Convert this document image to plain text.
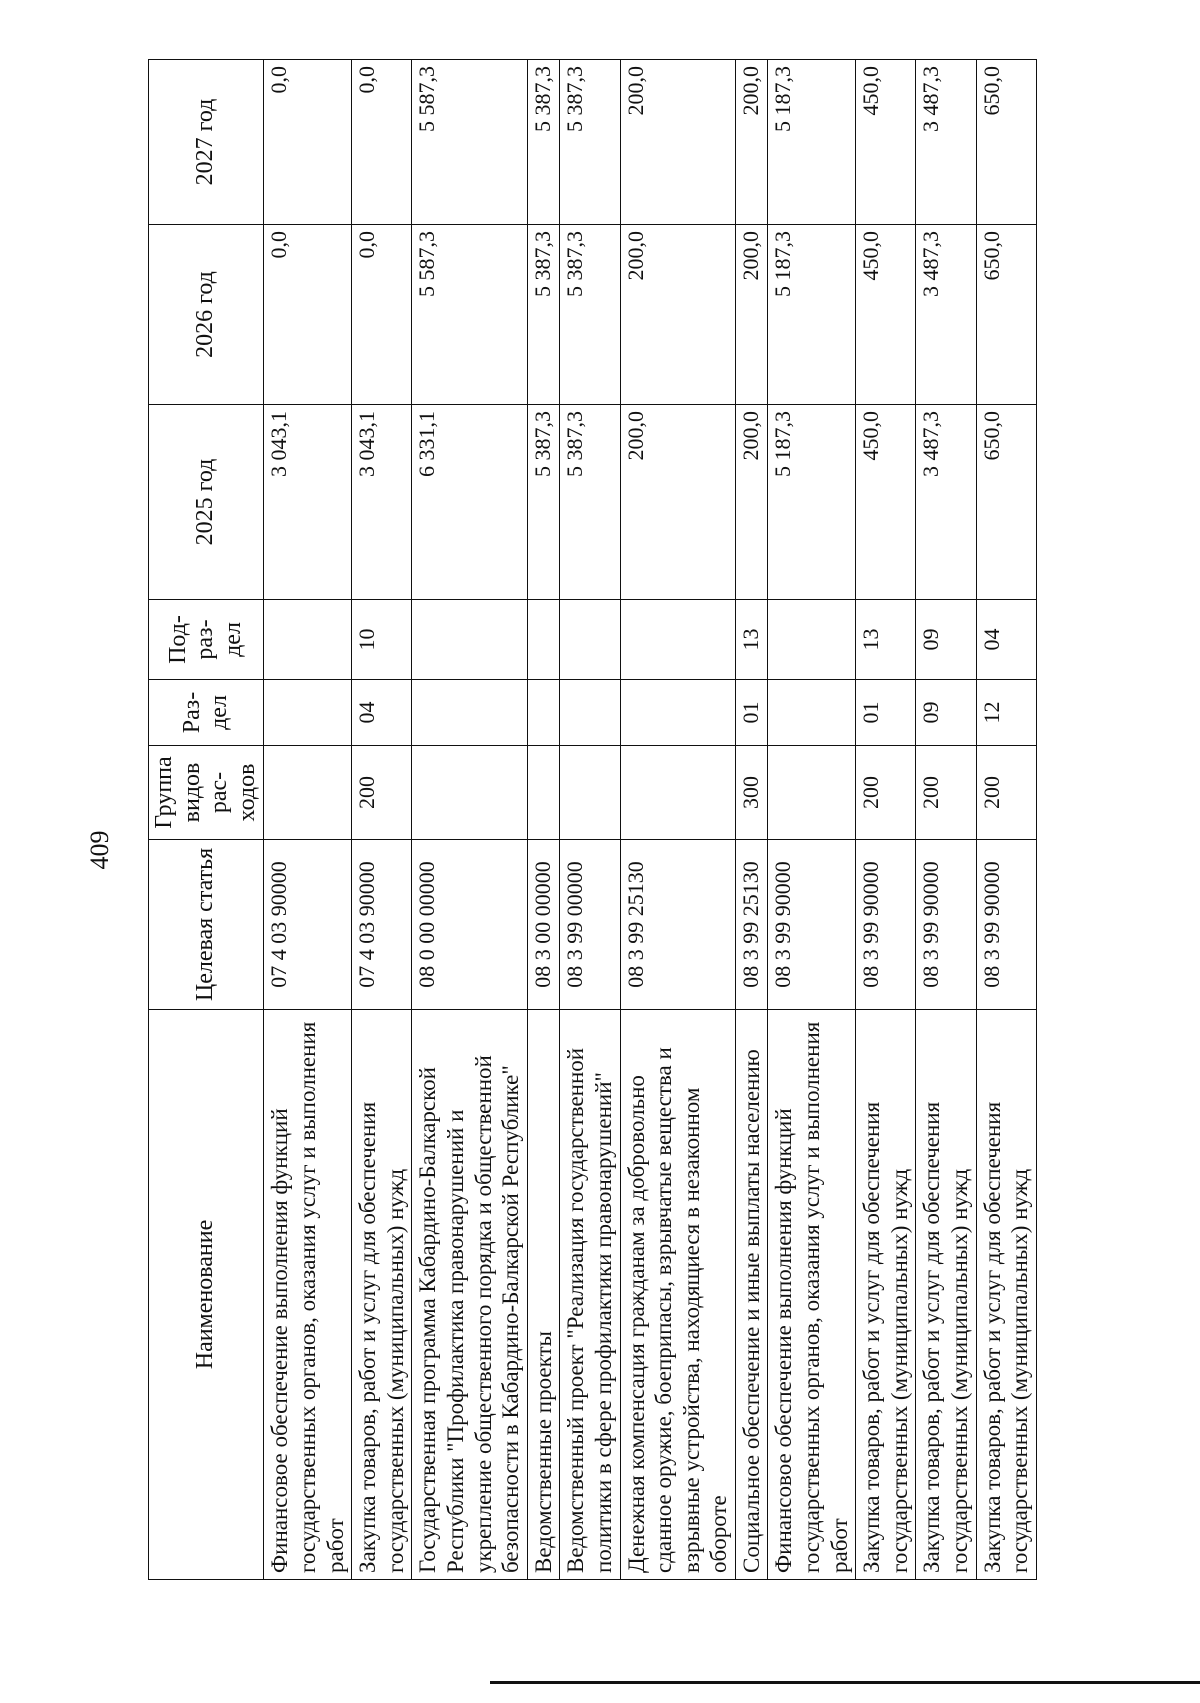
409
Наименование	Целевая статья	Группа видов рас-ходов	Раз-дел	Под-раз-дел	2025 год	2026 год	2027 год
Финансовое обеспечение выполнения функций государственных органов, оказания услуг и выполнения работ	07 4 03 90000				3 043,1	0,0	0,0
Закупка товаров, работ и услуг для обеспечения государственных (муниципальных) нужд	07 4 03 90000	200	04	10	3 043,1	0,0	0,0
Государственная программа Кабардино-Балкарской Республики "Профилактика правонарушений и укрепление общественного порядка и общественной безопасности в Кабардино-Балкарской Республике"	08 0 00 00000				6 331,1	5 587,3	5 587,3
Ведомственные проекты	08 3 00 00000				5 387,3	5 387,3	5 387,3
Ведомственный проект "Реализация государственной политики в сфере профилактики правонарушений"	08 3 99 00000				5 387,3	5 387,3	5 387,3
Денежная компенсация гражданам за добровольно сданное оружие, боеприпасы, взрывчатые вещества и взрывные устройства, находящиеся в незаконном обороте	08 3 99 25130				200,0	200,0	200,0
Социальное обеспечение и иные выплаты населению	08 3 99 25130	300	01	13	200,0	200,0	200,0
Финансовое обеспечение выполнения функций государственных органов, оказания услуг и выполнения работ	08 3 99 90000				5 187,3	5 187,3	5 187,3
Закупка товаров, работ и услуг для обеспечения государственных (муниципальных) нужд	08 3 99 90000	200	01	13	450,0	450,0	450,0
Закупка товаров, работ и услуг для обеспечения государственных (муниципальных) нужд	08 3 99 90000	200	09	09	3 487,3	3 487,3	3 487,3
Закупка товаров, работ и услуг для обеспечения государственных (муниципальных) нужд	08 3 99 90000	200	12	04	650,0	650,0	650,0
